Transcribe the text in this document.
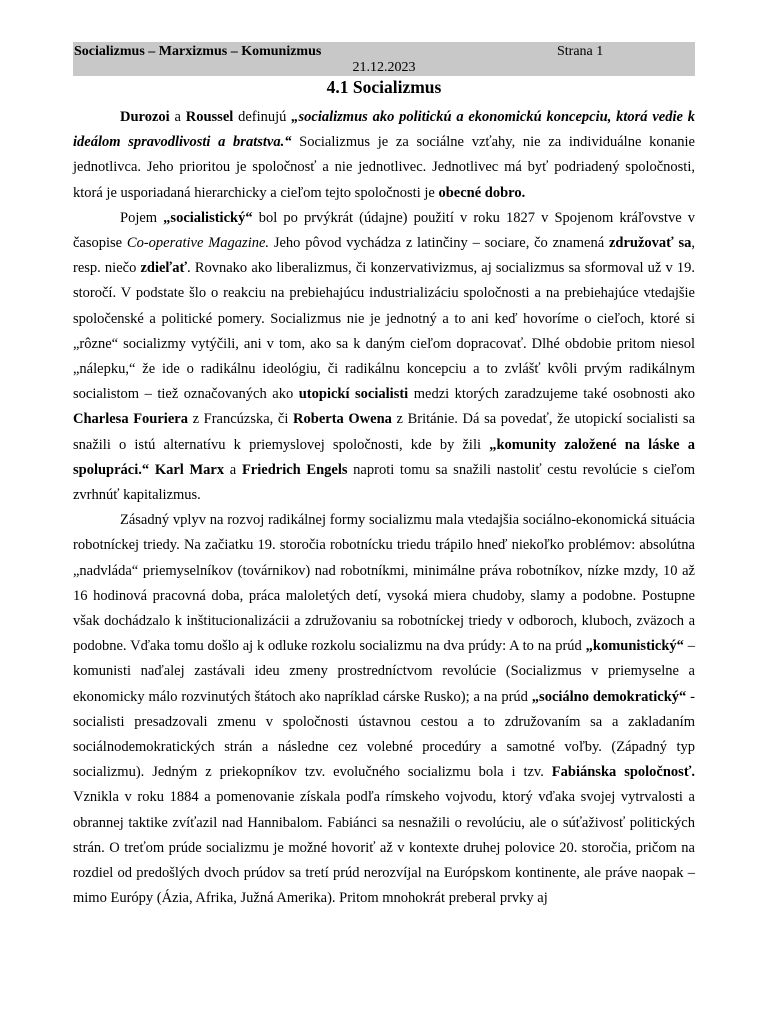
Socializmus – Marxizmus – Komunizmus	Strana 1
21.12.2023
4.1 Socializmus

Durozoi a Roussel definujú „socializmus ako politickú a ekonomickú koncepciu, ktorá vedie k ideálom spravodlivosti a bratstva.“ Socializmus je za sociálne vzťahy, nie za individuálne konanie jednotlivca. Jeho prioritou je spoločnosť a nie jednotlivec. Jednotlivec má byť podriadený spoločnosti, ktorá je usporiadaná hierarchicky a cieľom tejto spoločnosti je obecné dobro.

Pojem „socialistický“ bol po prvýkrát (údajne) použití v roku 1827 v Spojenom kráľovstve v časopise Co-operative Magazine. Jeho pôvod vychádza z latinčiny – sociare, čo znamená združovať sa, resp. niečo zdieľať. Rovnako ako liberalizmus, či konzervativizmus, aj socializmus sa sformoval už v 19. storočí. V podstate šlo o reakciu na prebiehajúcu industrializáciu spoločnosti a na prebiehajúce vtedajšie spoločenské a politické pomery. Socializmus nie je jednotný a to ani keď hovoríme o cieľoch, ktoré si „rôzne“ socializmy vytýčili, ani v tom, ako sa k daným cieľom dopracovať. Dlhé obdobie pritom niesol „nálepku,“ že ide o radikálnu ideológiu, či radikálnu koncepciu a to zvlášť kvôli prvým radikálnym socialistom – tiež označovaných ako utopickí socialisti medzi ktorých zaradzujeme také osobnosti ako Charlesa Fouriera z Francúzska, či Roberta Owena z Británie. Dá sa povedať, že utopickí socialisti sa snažili o istú alternatívu k priemyslovej spoločnosti, kde by žili „komunity založené na láske a spolupráci.“ Karl Marx a Friedrich Engels naproti tomu sa snažili nastoliť cestu revolúcie s cieľom zvrhnúť kapitalizmus.

Zásadný vplyv na rozvoj radikálnej formy socializmu mala vtedajšia sociálno-ekonomická situácia robotníckej triedy. Na začiatku 19. storočia robotnícku triedu trápilo hneď niekoľko problémov: absolútna „nadvláda“ priemyselníkov (továrnikov) nad robotníkmi, minimálne práva robotníkov, nízke mzdy, 10 až 16 hodinová pracovná doba, práca maloletých detí, vysoká miera chudoby, slamy a podobne. Postupne však dochádzalo k inštitucionalizácii a združovaniu sa robotníckej triedy v odboroch, kluboch, zväzoch a podobne. Vďaka tomu došlo aj k odluke rozkolu socializmu na dva prúdy: A to na prúd „komunistický“ – komunisti naďalej zastávali ideu zmeny prostredníctvom revolúcie (Socializmus v priemyselne a ekonomicky málo rozvinutých štátoch ako napríklad cárske Rusko); a na prúd „sociálno demokratický“ - socialisti presadzovali zmenu v spoločnosti ústavnou cestou a to združovaním sa a zakladaním sociálnodemokratických strán a následne cez volebné procedúry a samotné voľby. (Západný typ socializmu). Jedným z priekopníkov tzv. evolučného socializmu bola i tzv. Fabiánska spoločnosť. Vznikla v roku 1884 a pomenovanie získala podľa rímskeho vojvodu, ktorý vďaka svojej vytrvalosti a obrannej taktike zvíťazil nad Hannibalom. Fabiánci sa nesnažili o revolúciu, ale o súťaživosť politických strán. O treťom prúde socializmu je možné hovoriť až v kontexte druhej polovice 20. storočia, pričom na rozdiel od predošlých dvoch prúdov sa tretí prúd nerozvíjal na Európskom kontinente, ale práve naopak – mimo Európy (Ázia, Afrika, Južná Amerika). Pritom mnohokrát preberal prvky aj
